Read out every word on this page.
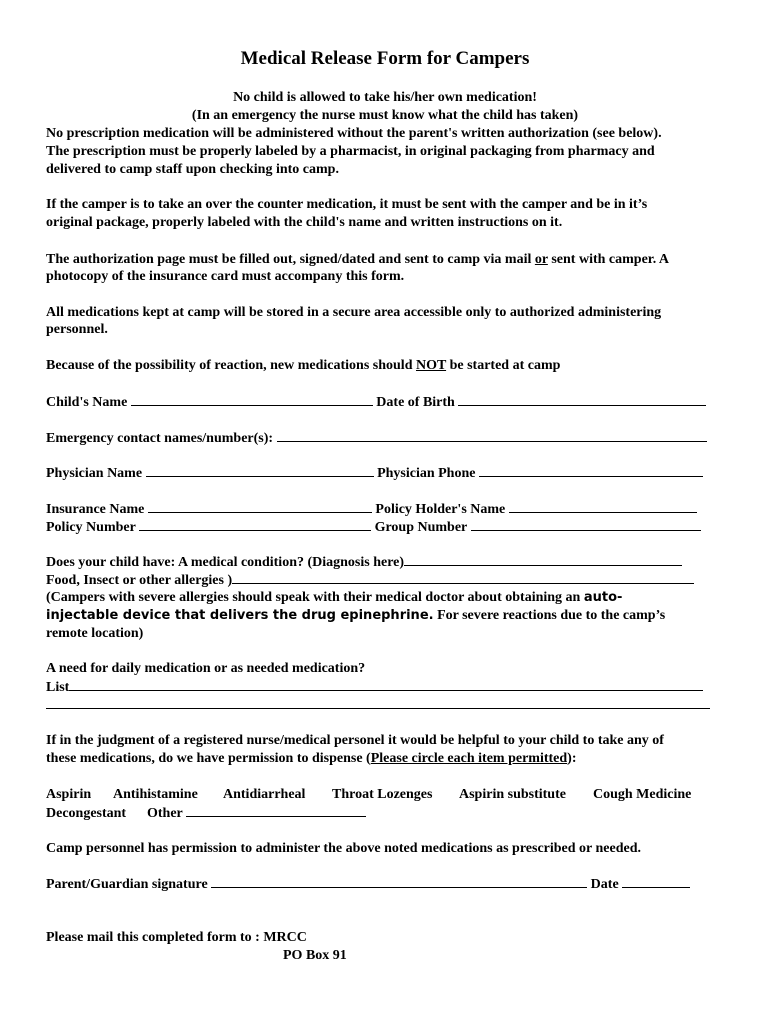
Medical Release Form for Campers
No child is allowed to take his/her own medication!
(In an emergency the nurse must know what the child has taken)
No prescription medication will be administered without the parent's written authorization (see below).
The prescription must be properly labeled by a pharmacist, in original packaging from pharmacy and
delivered to camp staff upon checking into camp.
If the camper is to take an over the counter medication, it must be sent with the camper and be in it’s
original package, properly labeled with the child's name and written instructions on it.
The authorization page must be filled out, signed/dated and sent to camp via mail or sent with camper. A
photocopy of the insurance card must accompany this form.
All medications kept at camp will be stored in a secure area accessible only to authorized administering
personnel.
Because of the possibility of reaction, new medications should NOT be started at camp
Child's Name	Date of Birth
Emergency contact names/number(s):
Physician Name	Physician Phone
Insurance Name	Policy Holder's Name
Policy Number	Group Number
Does your child have: A medical condition? (Diagnosis here)
Food, Insect or other allergies )
(Campers with severe allergies should speak with their medical doctor about obtaining an auto-
injectable device that delivers the drug epinephrine. For severe reactions due to the camp’s
remote location)
A need for daily medication or as needed medication?
List
If in the judgment of a registered nurse/medical personel it would be helpful to your child to take any of
these medications, do we have permission to dispense (Please circle each item permitted):
Aspirin Antihistamine Antidiarrheal Throat Lozenges Aspirin substitute Cough Medicine
Decongestant Other
Camp personnel has permission to administer the above noted medications as prescribed or needed.
Parent/Guardian signature	Date
Please mail this completed form to : MRCC
PO Box 91
